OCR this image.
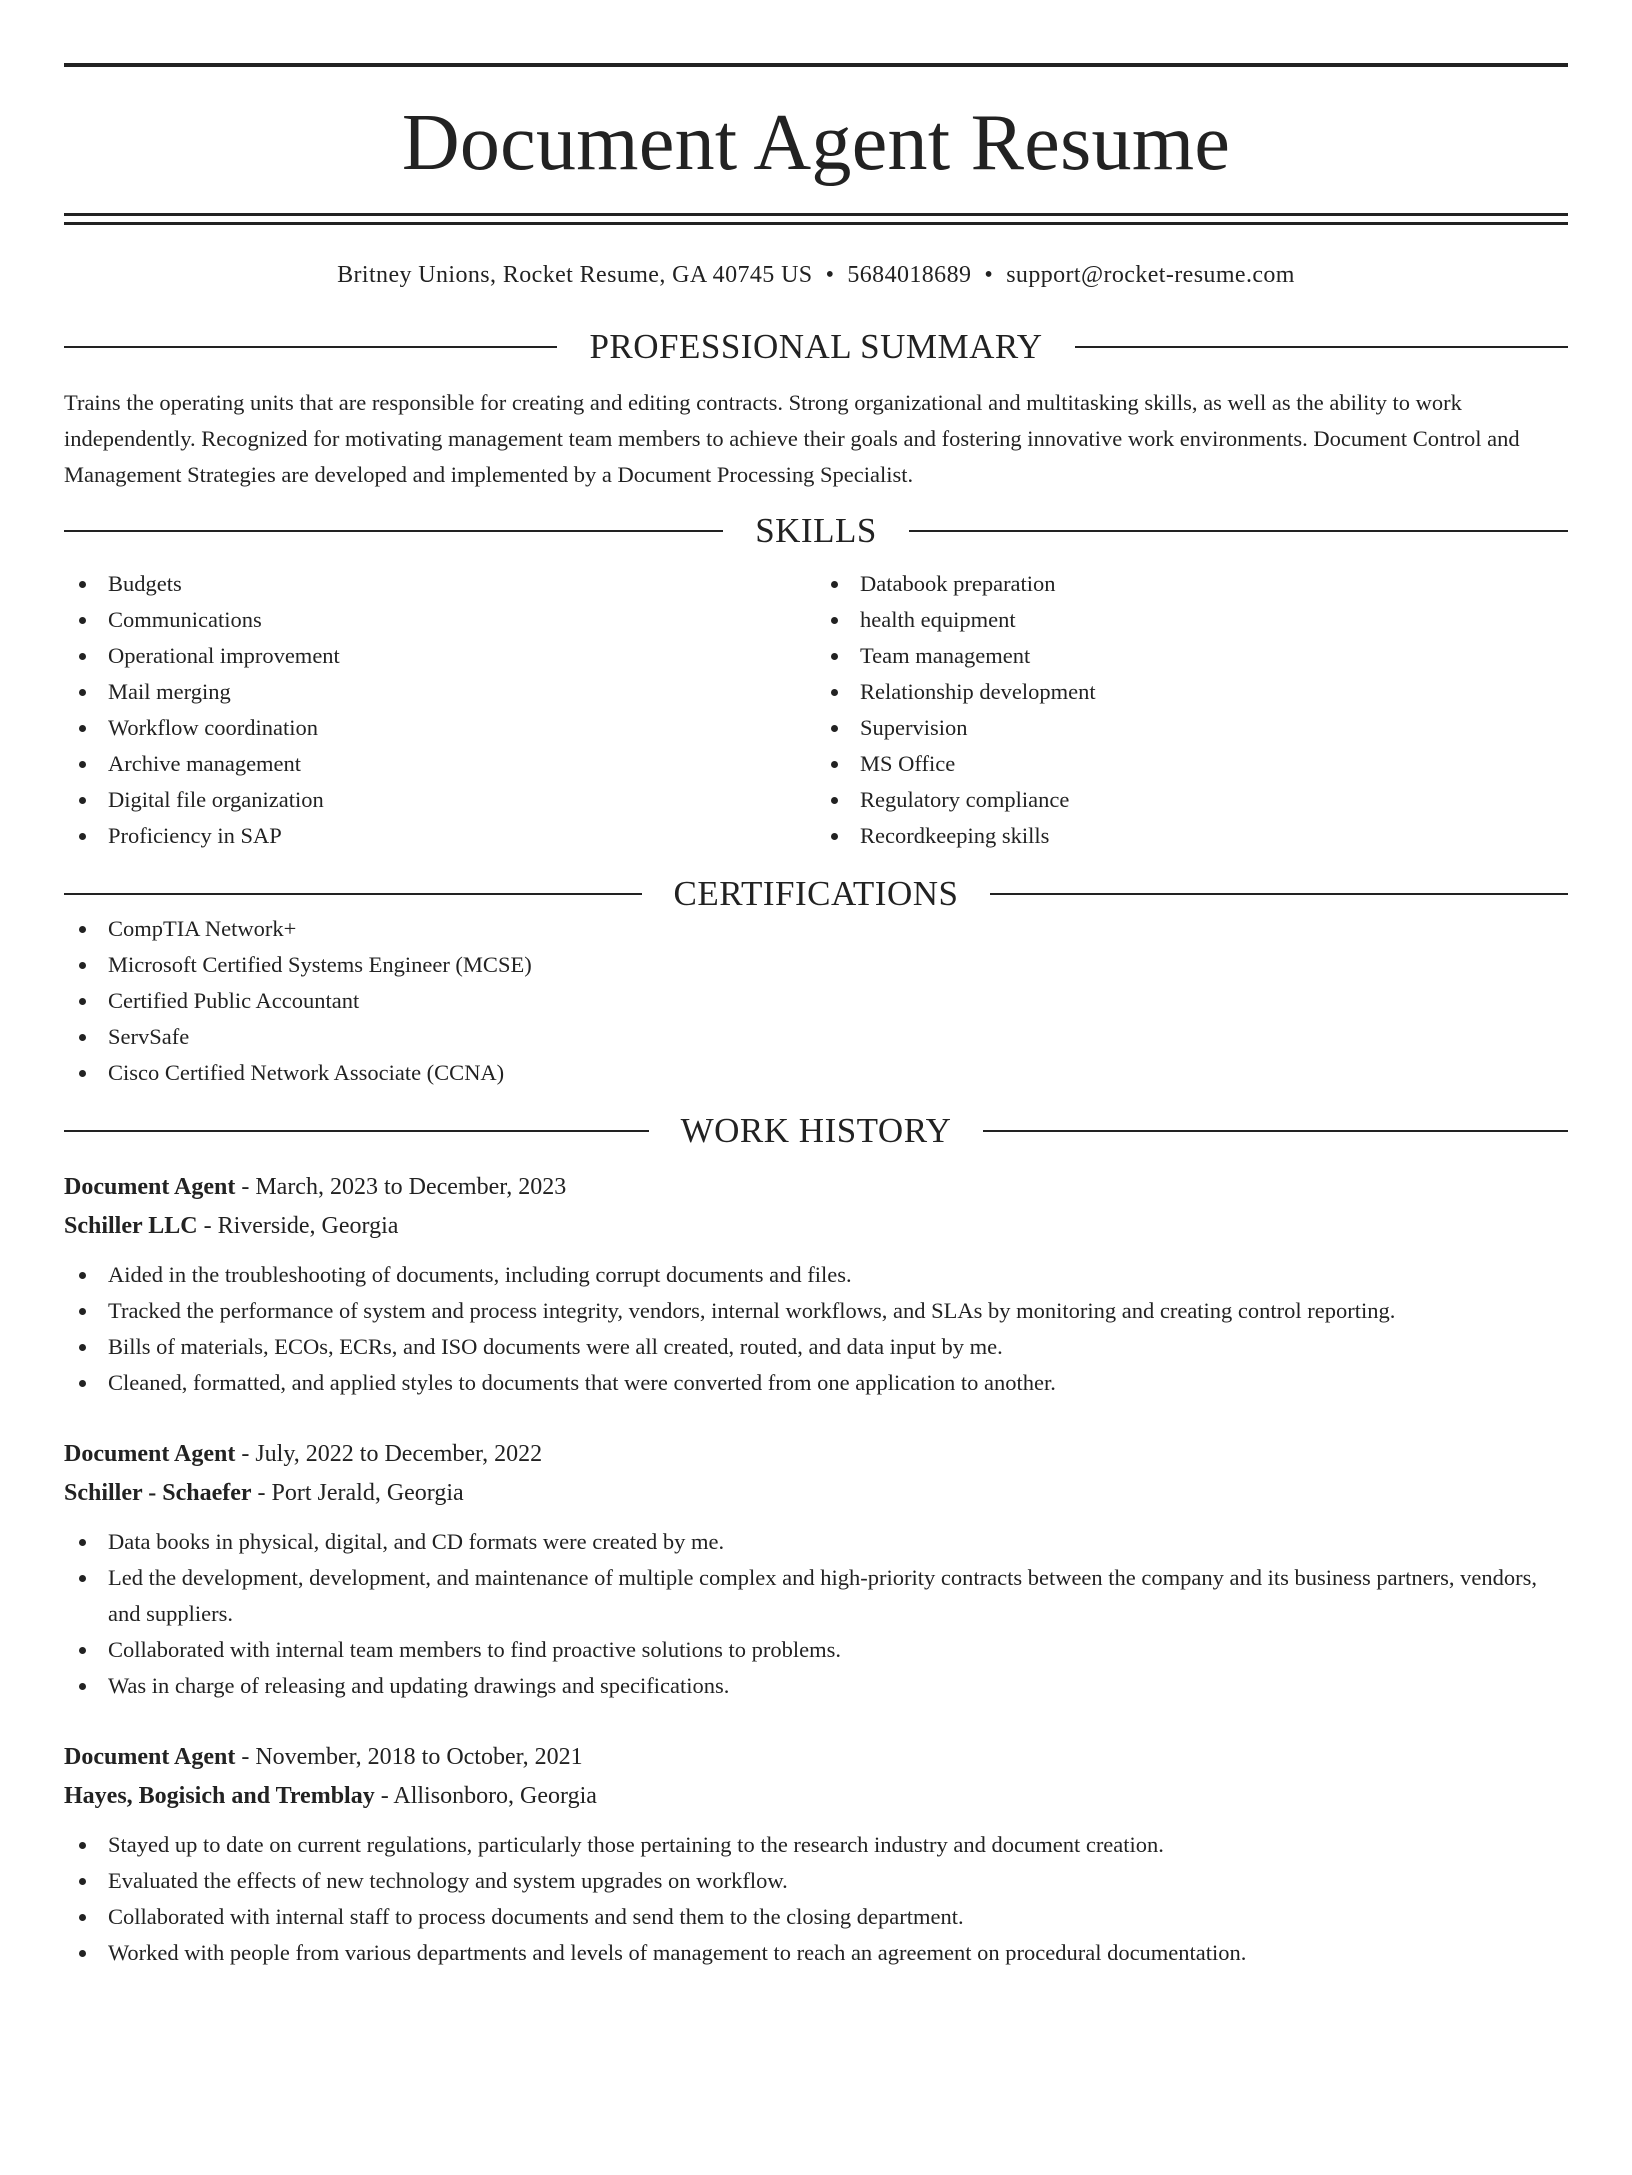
Document Agent Resume
Britney Unions, Rocket Resume, GA 40745 US • 5684018689 • support@rocket-resume.com
PROFESSIONAL SUMMARY
Trains the operating units that are responsible for creating and editing contracts. Strong organizational and multitasking skills, as well as the ability to work independently. Recognized for motivating management team members to achieve their goals and fostering innovative work environments. Document Control and Management Strategies are developed and implemented by a Document Processing Specialist.
SKILLS
Budgets
Communications
Operational improvement
Mail merging
Workflow coordination
Archive management
Digital file organization
Proficiency in SAP
Databook preparation
health equipment
Team management
Relationship development
Supervision
MS Office
Regulatory compliance
Recordkeeping skills
CERTIFICATIONS
CompTIA Network+
Microsoft Certified Systems Engineer (MCSE)
Certified Public Accountant
ServSafe
Cisco Certified Network Associate (CCNA)
WORK HISTORY
Document Agent - March, 2023 to December, 2023
Schiller LLC - Riverside, Georgia
Aided in the troubleshooting of documents, including corrupt documents and files.
Tracked the performance of system and process integrity, vendors, internal workflows, and SLAs by monitoring and creating control reporting.
Bills of materials, ECOs, ECRs, and ISO documents were all created, routed, and data input by me.
Cleaned, formatted, and applied styles to documents that were converted from one application to another.
Document Agent - July, 2022 to December, 2022
Schiller - Schaefer - Port Jerald, Georgia
Data books in physical, digital, and CD formats were created by me.
Led the development, development, and maintenance of multiple complex and high-priority contracts between the company and its business partners, vendors, and suppliers.
Collaborated with internal team members to find proactive solutions to problems.
Was in charge of releasing and updating drawings and specifications.
Document Agent - November, 2018 to October, 2021
Hayes, Bogisich and Tremblay - Allisonboro, Georgia
Stayed up to date on current regulations, particularly those pertaining to the research industry and document creation.
Evaluated the effects of new technology and system upgrades on workflow.
Collaborated with internal staff to process documents and send them to the closing department.
Worked with people from various departments and levels of management to reach an agreement on procedural documentation.
